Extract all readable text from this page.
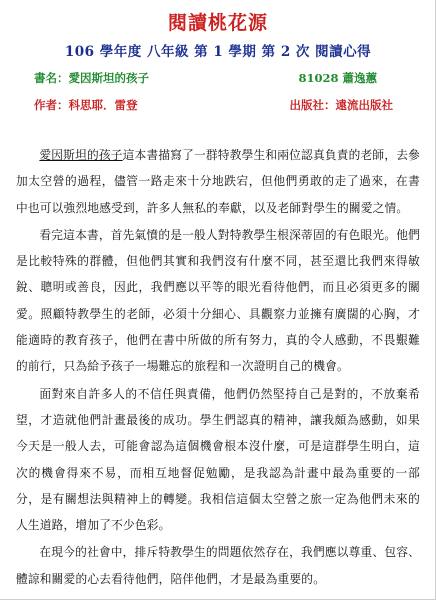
閱讀桃花源
106 學年度 八年級 第 1 學期 第 2 次 閱讀心得
書名：愛因斯坦的孩子	81028 蕭逸蕙
作者：科思耶．雷登	出版社：遠流出版社

愛因斯坦的孩子這本書描寫了一群特教學生和兩位認真負責的老師，去參加太空營的過程，儘管一路走來十分地跌宕，但他們勇敢的走了過來，在書中也可以強烈地感受到，許多人無私的奉獻，以及老師對學生的關愛之情。

看完這本書，首先氣憤的是一般人對特教學生根深蒂固的有色眼光。他們是比較特殊的群體，但他們其實和我們沒有什麼不同，甚至還比我們來得敏銳、聰明或善良，因此，我們應以平等的眼光看待他們，而且必須更多的關愛。照顧特教學生的老師，必須十分細心、具觀察力並擁有廣闊的心胸，才能適時的教育孩子，他們在書中所做的所有努力，真的令人感動，不畏艱難的前行，只為給予孩子一場難忘的旅程和一次證明自己的機會。

面對來自許多人的不信任與責備，他們仍然堅持自己是對的，不放棄希望，才造就他們計畫最後的成功。學生們認真的精神，讓我頗為感動，如果今天是一般人去，可能會認為這個機會根本沒什麼，可是這群學生明白，這次的機會得來不易，而相互地督促勉勵，是我認為計畫中最為重要的一部分，是有關想法與精神上的轉變。我相信這個太空營之旅一定為他們未來的人生道路，增加了不少色彩。

在現今的社會中，排斥特教學生的問題依然存在，我們應以尊重、包容、體諒和關愛的心去看待他們，陪伴他們，才是最為重要的。
